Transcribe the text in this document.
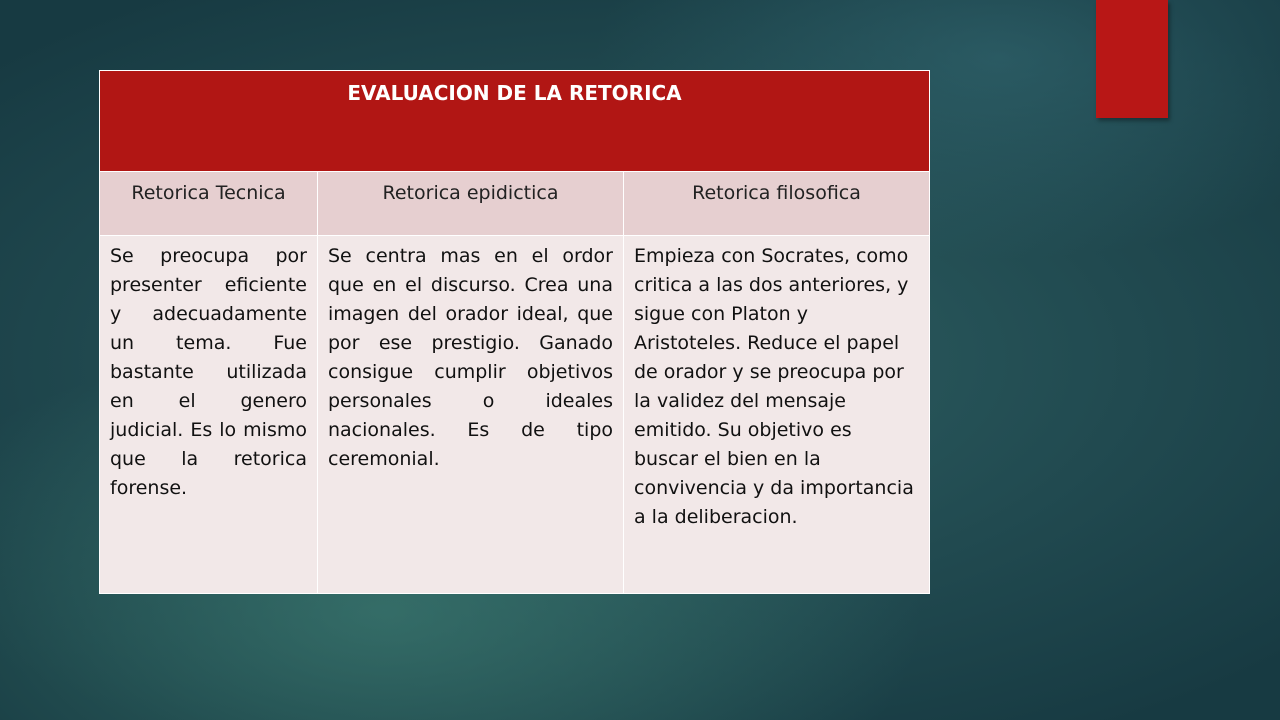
EVALUACION DE LA RETORICA		
Retorica Tecnica	Retorica epidictica	Retorica filosofica
Se preocupa por presenter eficiente y adecuadamente un tema. Fue bastante utilizada en el genero judicial. Es lo mismo que la retorica forense.	Se centra mas en el ordor que en el discurso. Crea una imagen del orador ideal, que por ese prestigio. Ganado consigue cumplir objetivos personales o ideales nacionales. Es de tipo ceremonial.	Empieza con Socrates, como critica a las dos anteriores, y sigue con Platon y Aristoteles. Reduce el papel de orador y se preocupa por la validez del mensaje emitido. Su objetivo es buscar el bien en la convivencia y da importancia a la deliberacion.
